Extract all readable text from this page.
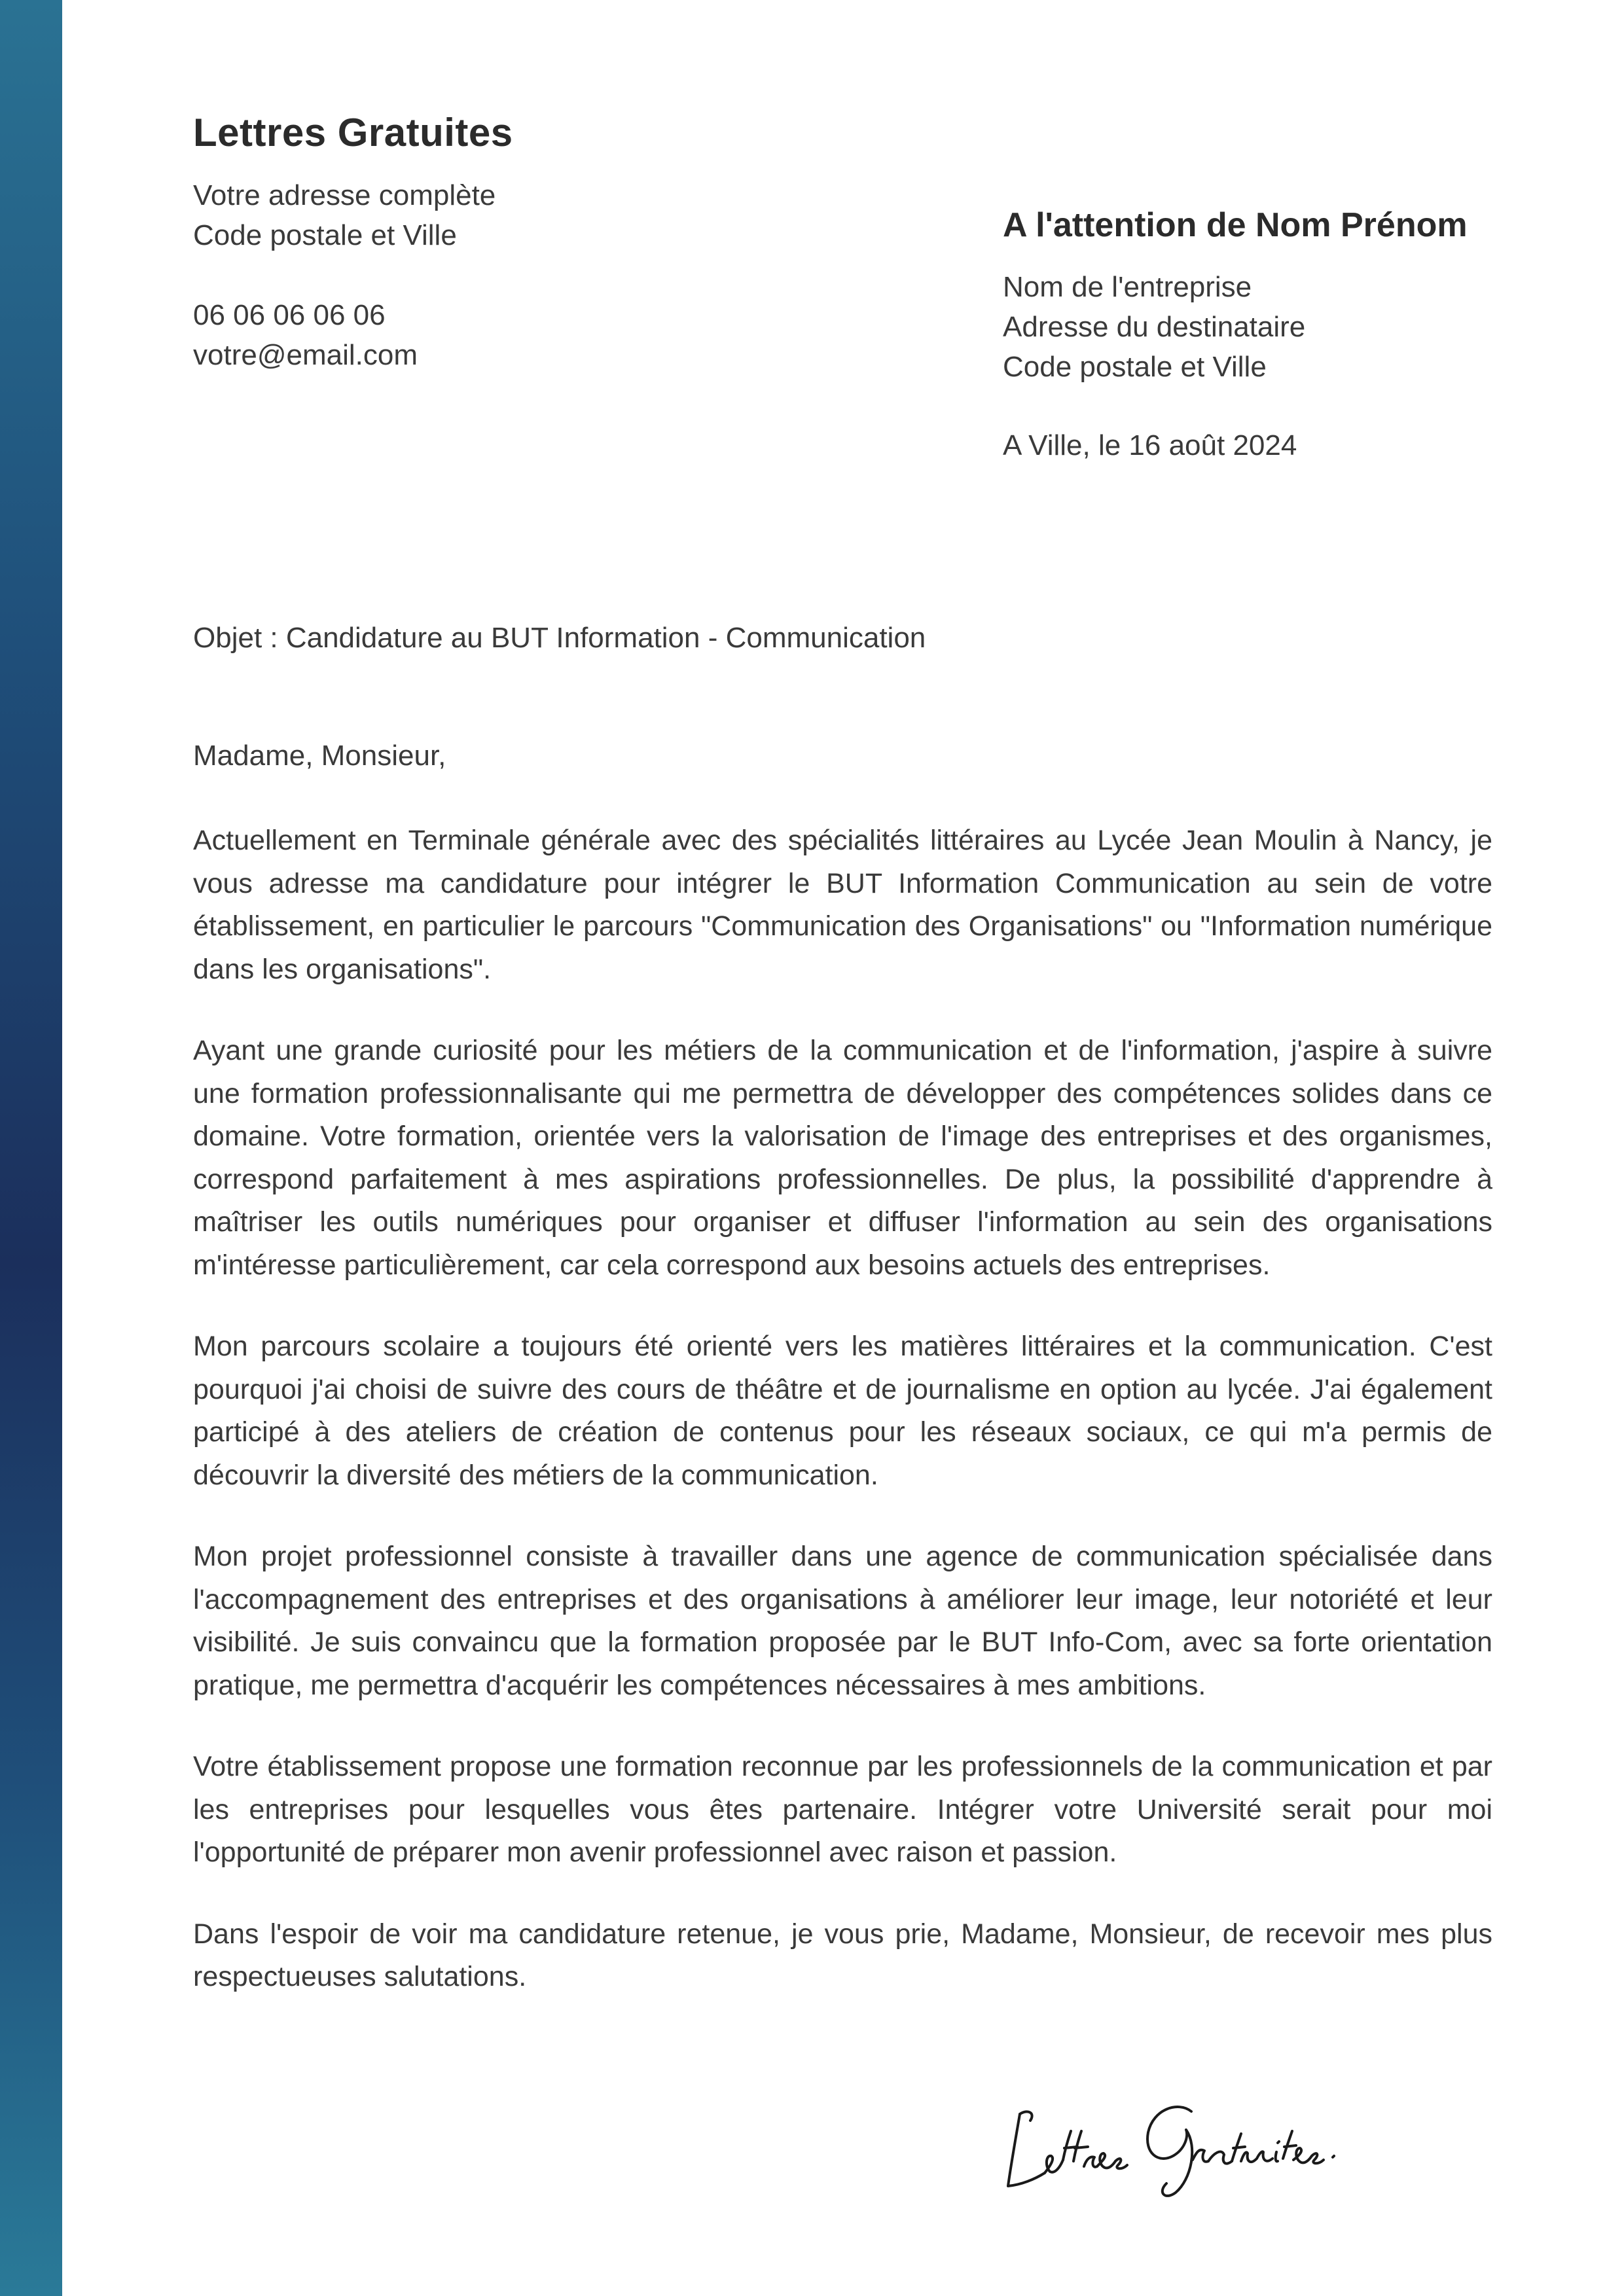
Lettres Gratuites
Votre adresse complète
Code postale et Ville
06 06 06 06 06
votre@email.com
A l'attention de Nom Prénom
Nom de l'entreprise
Adresse du destinataire
Code postale et Ville
A Ville, le 16 août 2024
Objet : Candidature au BUT Information - Communication
Madame, Monsieur,

Actuellement en Terminale générale avec des spécialités littéraires au Lycée Jean Moulin à Nancy, je vous adresse ma candidature pour intégrer le BUT Information Communication au sein de votre établissement, en particulier le parcours "Communication des Organisations" ou "Information numérique dans les organisations".

Ayant une grande curiosité pour les métiers de la communication et de l'information, j'aspire à suivre une formation professionnalisante qui me permettra de développer des compétences solides dans ce domaine. Votre formation, orientée vers la valorisation de l'image des entreprises et des organismes, correspond parfaitement à mes aspirations professionnelles. De plus, la possibilité d'apprendre à maîtriser les outils numériques pour organiser et diffuser l'information au sein des organisations m'intéresse particulièrement, car cela correspond aux besoins actuels des entreprises.

Mon parcours scolaire a toujours été orienté vers les matières littéraires et la communication. C'est pourquoi j'ai choisi de suivre des cours de théâtre et de journalisme en option au lycée. J'ai également participé à des ateliers de création de contenus pour les réseaux sociaux, ce qui m'a permis de découvrir la diversité des métiers de la communication.

Mon projet professionnel consiste à travailler dans une agence de communication spécialisée dans l'accompagnement des entreprises et des organisations à améliorer leur image, leur notoriété et leur visibilité. Je suis convaincu que la formation proposée par le BUT Info-Com, avec sa forte orientation pratique, me permettra d'acquérir les compétences nécessaires à mes ambitions.

Votre établissement propose une formation reconnue par les professionnels de la communication et par les entreprises pour lesquelles vous êtes partenaire. Intégrer votre Université serait pour moi l'opportunité de préparer mon avenir professionnel avec raison et passion.

Dans l'espoir de voir ma candidature retenue, je vous prie, Madame, Monsieur, de recevoir mes plus respectueuses salutations.
